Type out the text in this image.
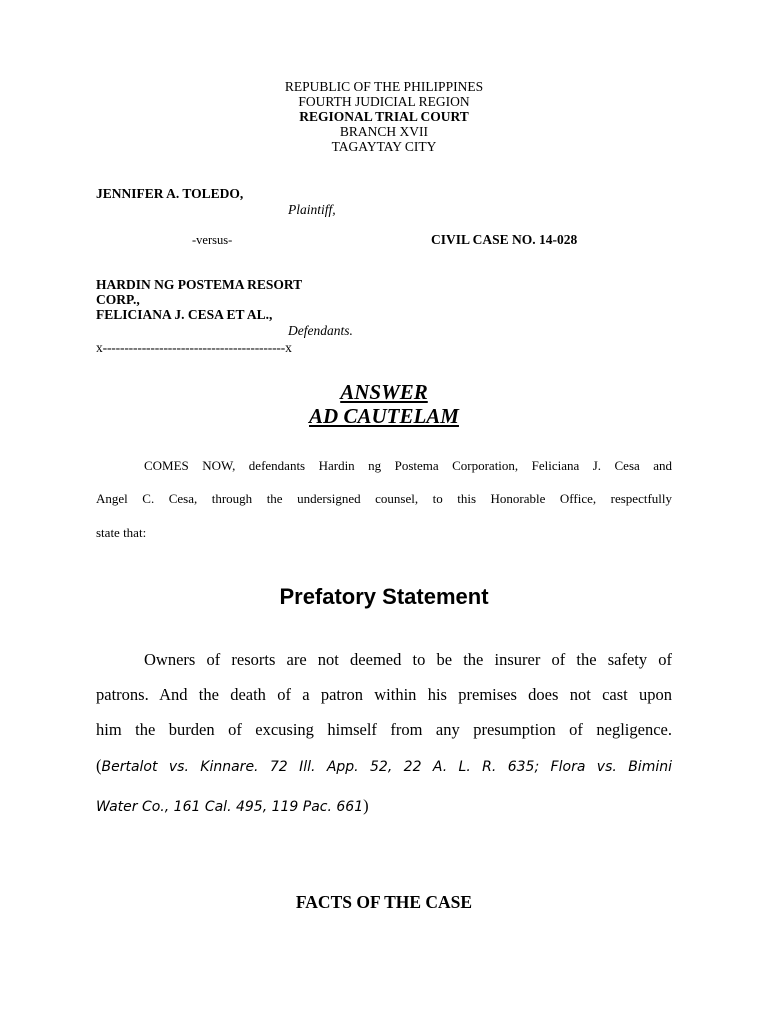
REPUBLIC OF THE PHILIPPINES
FOURTH JUDICIAL REGION
REGIONAL TRIAL COURT
BRANCH XVII
TAGAYTAY CITY
JENNIFER A. TOLEDO,
Plaintiff,
-versus-	CIVIL CASE NO. 14-028
HARDIN NG POSTEMA RESORT
CORP.,
FELICIANA J. CESA ET AL.,
Defendants.
x------------------------------------------x
ANSWER
AD CAUTELAM
COMES NOW, defendants Hardin ng Postema Corporation, Feliciana J. Cesa and
Angel C. Cesa, through the undersigned counsel, to this Honorable Office, respectfully
state that:
Prefatory Statement
Owners of resorts are not deemed to be the insurer of the safety of
patrons. And the death of a patron within his premises does not cast upon
him the burden of excusing himself from any presumption of negligence.
(Bertalot vs. Kinnare. 72 Ill. App. 52, 22 A. L. R. 635; Flora vs. Bimini
Water Co., 161 Cal. 495, 119 Pac. 661)
FACTS OF THE CASE
